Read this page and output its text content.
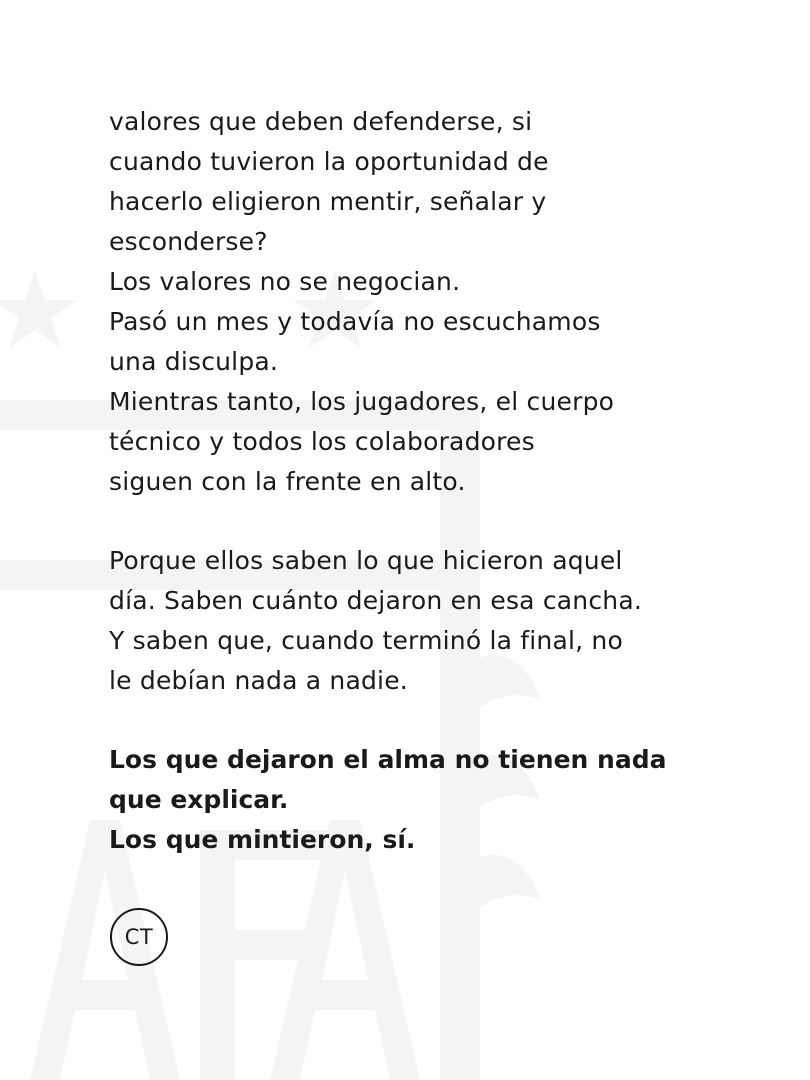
valores que deben defenderse, si
cuando tuvieron la oportunidad de
hacerlo eligieron mentir, señalar y
esconderse?
Los valores no se negocian.
Pasó un mes y todavía no escuchamos
una disculpa.
Mientras tanto, los jugadores, el cuerpo
técnico y todos los colaboradores
siguen con la frente en alto.

Porque ellos saben lo que hicieron aquel
día. Saben cuánto dejaron en esa cancha.
Y saben que, cuando terminó la final, no
le debían nada a nadie.

Los que dejaron el alma no tienen nada
que explicar.
Los que mintieron, sí.

CT
